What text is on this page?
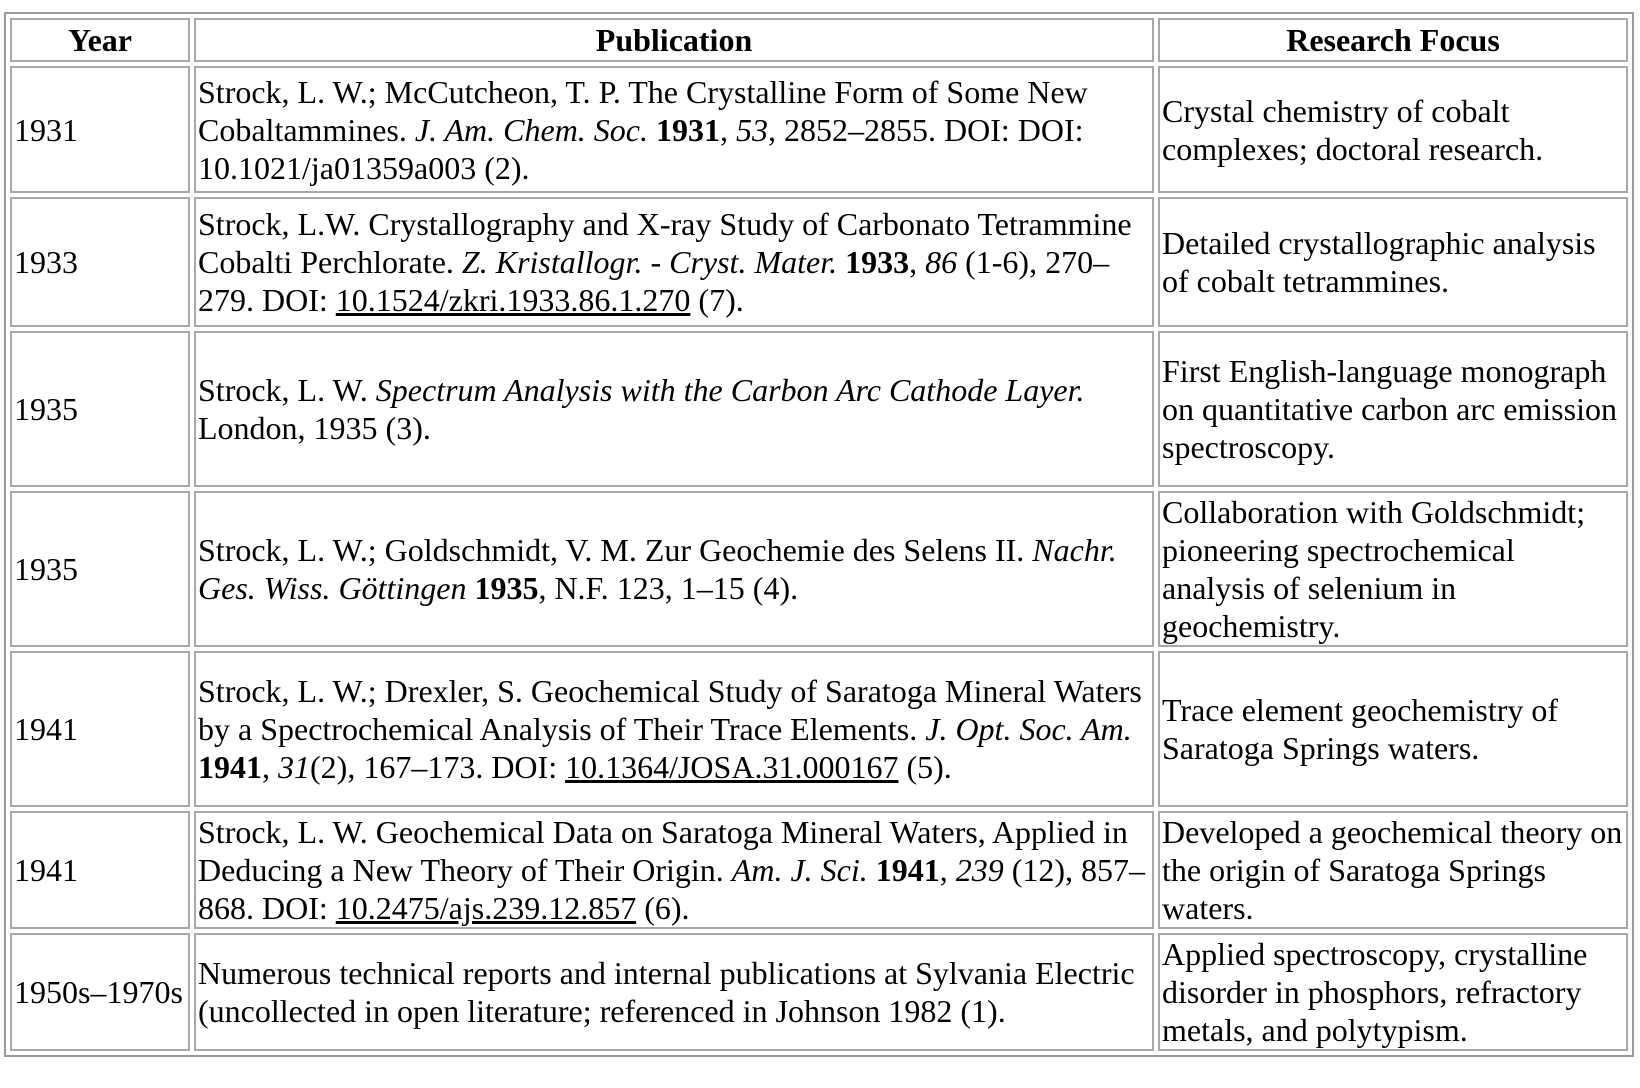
Year	Publication	Research Focus
1931	Strock, L. W.; McCutcheon, T. P. The Crystalline Form of Some New Cobaltammines. J. Am. Chem. Soc. 1931, 53, 2852–2855. DOI: DOI: 10.1021/ja01359a003 (2).	Crystal chemistry of cobalt complexes; doctoral research.
1933	Strock, L.W. Crystallography and X-ray Study of Carbonato Tetrammine Cobalti Perchlorate. Z. Kristallogr. - Cryst. Mater. 1933, 86 (1-6), 270–279. DOI: 10.1524/zkri.1933.86.1.270 (7).	Detailed crystallographic analysis of cobalt tetrammines.
1935	Strock, L. W. Spectrum Analysis with the Carbon Arc Cathode Layer. London, 1935 (3).	First English-language monograph on quantitative carbon arc emission spectroscopy.
1935	Strock, L. W.; Goldschmidt, V. M. Zur Geochemie des Selens II. Nachr. Ges. Wiss. Göttingen 1935, N.F. 123, 1–15 (4).	Collaboration with Goldschmidt; pioneering spectrochemical analysis of selenium in geochemistry.
1941	Strock, L. W.; Drexler, S. Geochemical Study of Saratoga Mineral Waters by a Spectrochemical Analysis of Their Trace Elements. J. Opt. Soc. Am. 1941, 31(2), 167–173. DOI: 10.1364/JOSA.31.000167 (5).	Trace element geochemistry of Saratoga Springs waters.
1941	Strock, L. W. Geochemical Data on Saratoga Mineral Waters, Applied in Deducing a New Theory of Their Origin. Am. J. Sci. 1941, 239 (12), 857–868. DOI: 10.2475/ajs.239.12.857 (6).	Developed a geochemical theory on the origin of Saratoga Springs waters.
1950s–1970s	Numerous technical reports and internal publications at Sylvania Electric (uncollected in open literature; referenced in Johnson 1982 (1).	Applied spectroscopy, crystalline disorder in phosphors, refractory metals, and polytypism.
